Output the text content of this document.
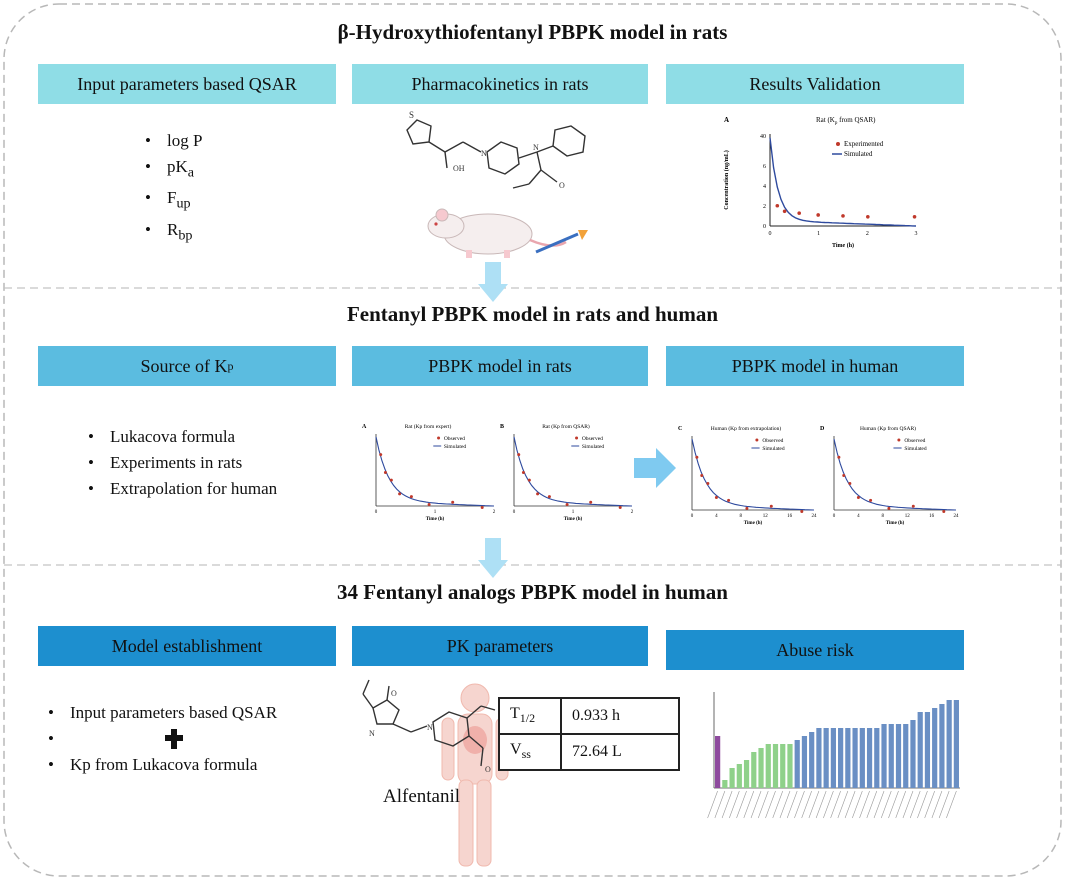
β-Hydroxythiofentanyl PBPK model in rats
Input parameters based QSAR	Pharmacokinetics in rats	Results Validation
• log P
• $pK_a$
• $F_{up}$
• $R_{bp}$
S
OH
N
N
O
A	Rat ($K_p$ from QSAR)
0
2
4
6
40
0	1	2	3
Time (h)
Concentration (ng/mL)
Experimented
Simulated
Fentanyl PBPK model in rats and human
Source of K p	PBPK model in rats	PBPK model in human
• Lukacova formula
• Experiments in rats
• Extrapolation for human
A	Rat (Kp from expert)
0	1	2
Time (h)
Observed
Simulated
B	Rat (Kp from QSAR)
0	1	2
Time (h)
Observed
Simulated
C	Human (Kp from extrapolation)
0	4	8	12	16	24
Time (h)
Observed
Simulated
D	Human (Kp from QSAR)
0	4	8	12	16	24
Time (h)
Observed
Simulated
34 Fentanyl analogs PBPK model in human
Model establishment	PK parameters	Abuse risk
• Input parameters based QSAR
•
• Kp from Lukacova formula
O
N
N
O
Alfentanil
$T_{1/2}$	0.933 h
$V_{ss}$	72.64 L
